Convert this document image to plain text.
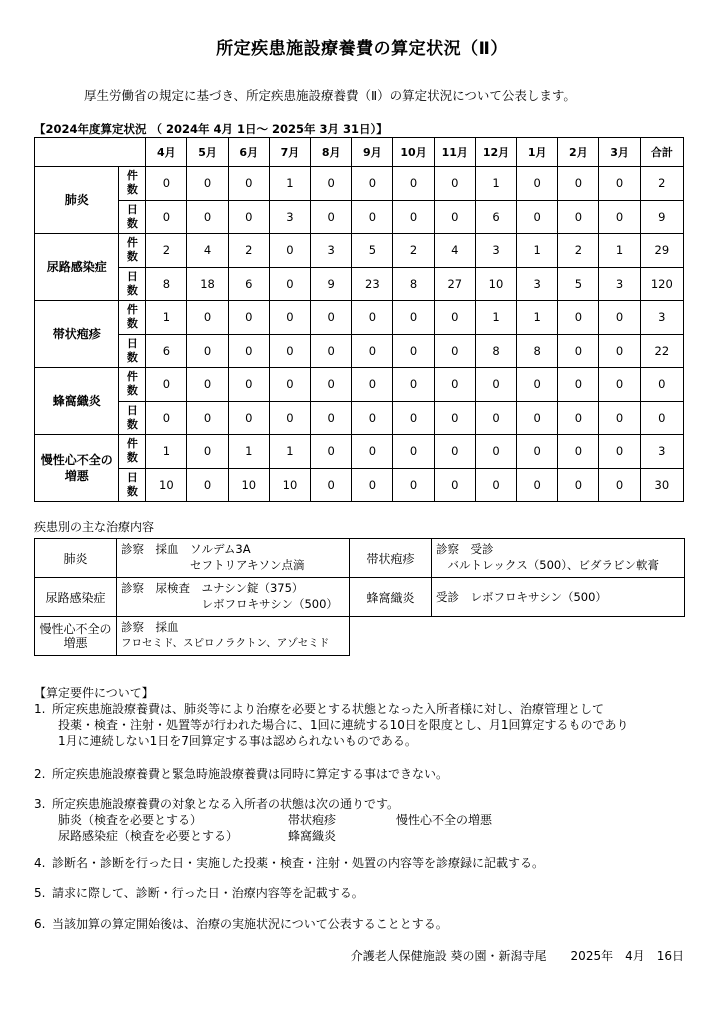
所定疾患施設療養費の算定状況（Ⅱ）
厚生労働省の規定に基づき、所定疾患施設療養費（Ⅱ）の算定状況について公表します。
【2024年度算定状況 （ 2024年 4月 1日～ 2025年 3月 31日）】
		4月	5月	6月	7月	8月	9月	10月	11月	12月	1月	2月	3月	合計
肺炎	件
数	0	0	0	1	0	0	0	0	1	0	0	0	2
	日
数	0	0	0	3	0	0	0	0	6	0	0	0	9
尿路感染症	件
数	2	4	2	0	3	5	2	4	3	1	2	1	29
	日
数	8	18	6	0	9	23	8	27	10	3	5	3	120
帯状疱疹	件
数	1	0	0	0	0	0	0	0	1	1	0	0	3
	日
数	6	0	0	0	0	0	0	0	8	8	0	0	22
蜂窩織炎	件
数	0	0	0	0	0	0	0	0	0	0	0	0	0
	日
数	0	0	0	0	0	0	0	0	0	0	0	0	0
慢性心不全の
増悪	件
数	1	0	1	1	0	0	0	0	0	0	0	0	3
	日
数	10	0	10	10	0	0	0	0	0	0	0	0	30
疾患別の主な治療内容
肺炎	診察　採血　ソルデム3A
　　　　　　セフトリアキソン点滴	帯状疱疹	診察　受診
　バルトレックス（500）、ビダラビン軟膏

尿路感染症	診察　尿検査　ユナシン錠（375）
　　　　　　　レボフロキサシン（500）	蜂窩織炎	受診　レボフロキサシン（500）

慢性心不全の
増悪	診察　採血
フロセミド、スピロノラクトン、アゾセミド		

【算定要件について】
1. 所定疾患施設療養費は、肺炎等により治療を必要とする状態となった入所者様に対し、治療管理として
投薬・検査・注射・処置等が行われた場合に、1回に連続する10日を限度とし、月1回算定するものであり
1月に連続しない1日を7回算定する事は認められないものである。
2. 所定疾患施設療養費と緊急時施設療養費は同時に算定する事はできない。
3. 所定疾患施設療養費の対象となる入所者の状態は次の通りです。
肺炎（検査を必要とする）	帯状疱疹	慢性心不全の増悪
尿路感染症（検査を必要とする）	蜂窩織炎
4. 診断名・診断を行った日・実施した投薬・検査・注射・処置の内容等を診療録に記載する。
5. 請求に際して、診断・行った日・治療内容等を記載する。
6. 当該加算の算定開始後は、治療の実施状況について公表することとする。
介護老人保健施設 葵の園・新潟寺尾　　2025年　4月　16日
